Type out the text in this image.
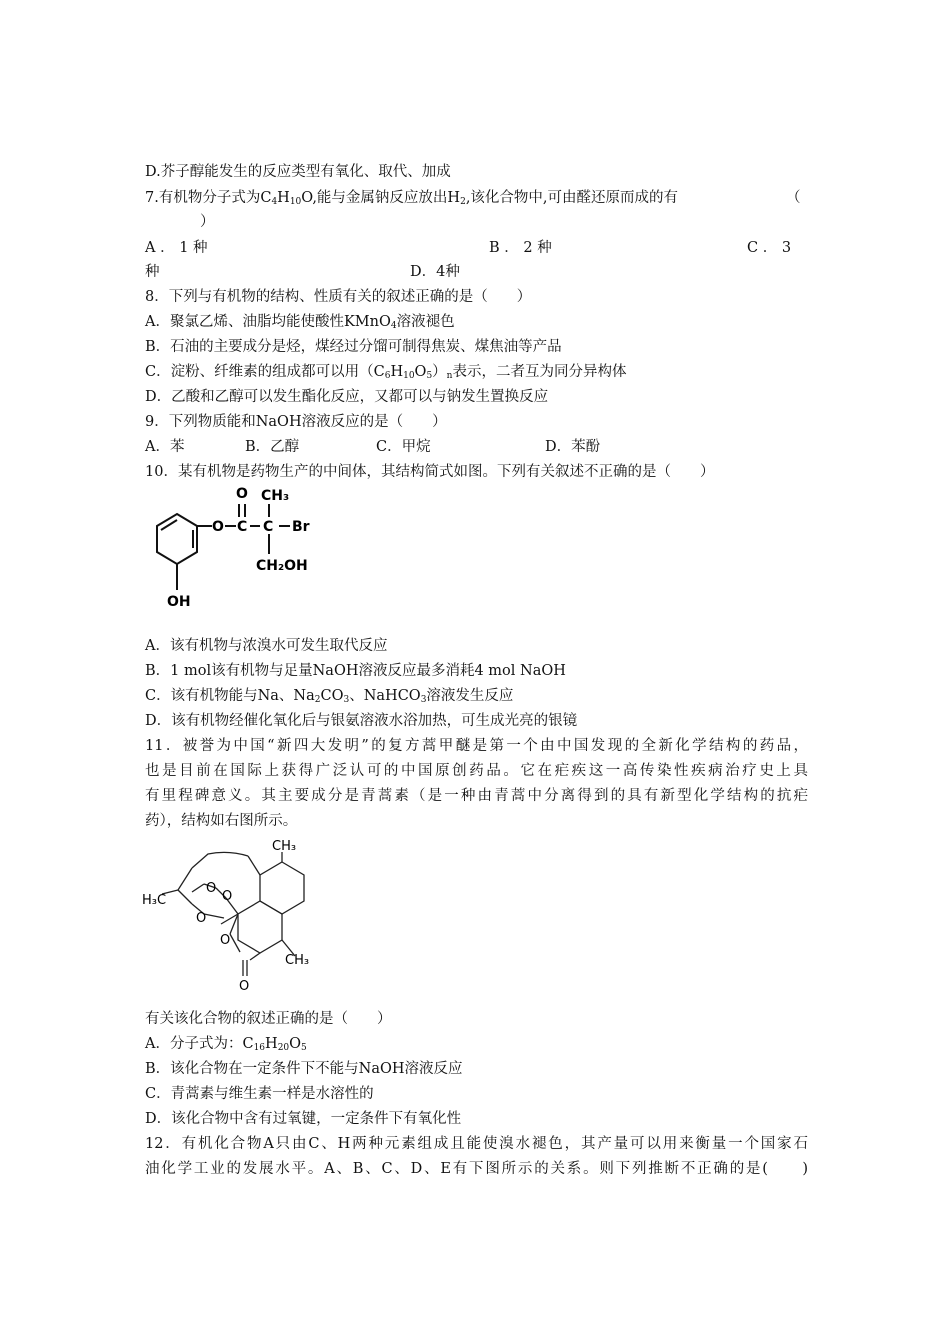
D.芥子醇能发生的反应类型有氧化、取代、加成
7.有机物分子式为$C_4H_{10}O$,能与金属钠反应放出$H_2$,该化合物中,可由醛还原而成的有	（
）
A ． 1 种	B ． 2 种	C ． 3
种	D．4种
8．下列与有机物的结构、性质有关的叙述正确的是（　　）
A．聚氯乙烯、油脂均能使酸性KMnO$_4$溶液褪色
B．石油的主要成分是烃，煤经过分馏可制得焦炭、煤焦油等产品
C．淀粉、纤维素的组成都可以用$(C_6H_{10}O_5)_n$表示，二者互为同分异构体
D．乙酸和乙醇可以发生酯化反应，又都可以与钠发生置换反应
9．下列物质能和NaOH溶液反应的是（　　）
A．苯	B．乙醇	C．甲烷	D．苯酚
10．某有机物是药物生产的中间体，其结构简式如图。下列有关叙述不正确的是（　　）
O CH₃
O C C Br
CH₂OH
OH
A．该有机物与浓溴水可发生取代反应
B．1 mol该有机物与足量NaOH溶液反应最多消耗4 mol NaOH
C．该有机物能与Na、$Na_2CO_3$、NaHCO$_3$溶液发生反应
D．该有机物经催化氧化后与银氨溶液水浴加热，可生成光亮的银镜
11．被誉为中国“新四大发明”的复方蒿甲醚是第一个由中国发现的全新化学结构的药品，
也是目前在国际上获得广泛认可的中国原创药品。它在疟疾这一高传染性疾病治疗史上具
有里程碑意义。其主要成分是青蒿素（是一种由青蒿中分离得到的具有新型化学结构的抗疟
药），结构如右图所示。
CH₃
H₃C
O
O
O
O
CH₃
O
有关该化合物的叙述正确的是（　　）
A．分子式为：$C_{16}H_{20}O_5$
B．该化合物在一定条件下不能与NaOH溶液反应
C．青蒿素与维生素一样是水溶性的
D．该化合物中含有过氧键，一定条件下有氧化性
12．有机化合物A只由C、H两种元素组成且能使溴水褪色，其产量可以用来衡量一个国家石
油化学工业的发展水平。A、B、C、D、E有下图所示的关系。则下列推断不正确的是(　　)
